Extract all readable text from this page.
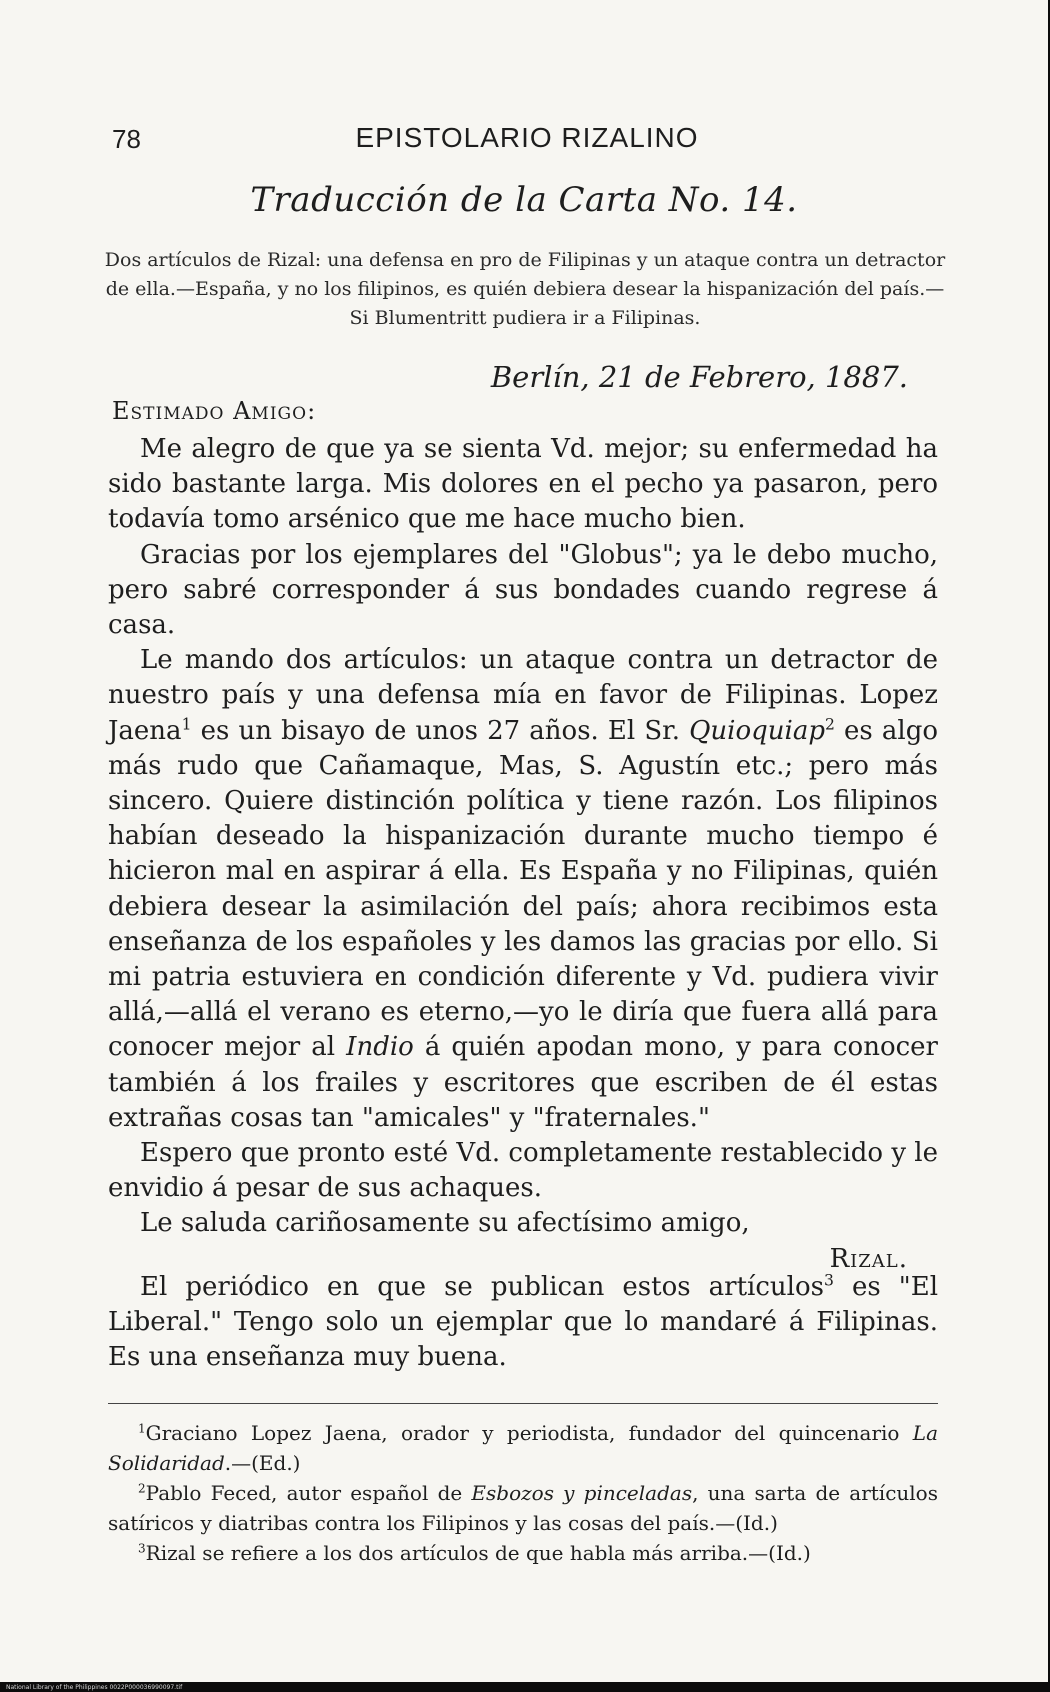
78	EPISTOLARIO RIZALINO
Traducción de la Carta No. 14.
Dos artículos de Rizal: una defensa en pro de Filipinas y un ataque contra un detractor de ella.—España, y no los filipinos, es quién debiera desear la hispanización del país.—Si Blumentritt pudiera ir a Filipinas.
Berlín, 21 de Febrero, 1887.
Estimado Amigo:

Me alegro de que ya se sienta Vd. mejor; su enfermedad ha sido bastante larga. Mis dolores en el pecho ya pasaron, pero todavía tomo arsénico que me hace mucho bien.

Gracias por los ejemplares del "Globus"; ya le debo mucho, pero sabré corresponder á sus bondades cuando regrese á casa.

Le mando dos artículos: un ataque contra un detractor de nuestro país y una defensa mía en favor de Filipinas. Lopez Jaena$^1$ es un bisayo de unos 27 años. El Sr. Quioquiap$^2$ es algo más rudo que Cañamaque, Mas, S. Agustín etc.; pero más sincero. Quiere distinción política y tiene razón. Los filipinos habían deseado la hispanización durante mucho tiempo é hicieron mal en aspirar á ella. Es España y no Filipinas, quién debiera desear la asimilación del país; ahora recibimos esta enseñanza de los españoles y les damos las gracias por ello. Si mi patria estuviera en condición diferente y Vd. pudiera vivir allá,—allá el verano es eterno,—yo le diría que fuera allá para conocer mejor al Indio á quién apodan mono, y para conocer también á los frailes y escritores que escriben de él estas extrañas cosas tan "amicales" y "fraternales."

Espero que pronto esté Vd. completamente restablecido y le envidio á pesar de sus achaques.

Le saluda cariñosamente su afectísimo amigo,

Rizal.

El periódico en que se publican estos artículos$^3$ es "El Liberal." Tengo solo un ejemplar que lo mandaré á Filipinas. Es una enseñanza muy buena.

$^1$Graciano Lopez Jaena, orador y periodista, fundador del quincenario La Solidaridad.—(Ed.)

$^2$Pablo Feced, autor español de Esbozos y pinceladas, una sarta de artículos satíricos y diatribas contra los Filipinos y las cosas del país.—(Id.)

$^3$Rizal se refiere a los dos artículos de que habla más arriba.—(Id.)

National Library of the Philippines 0022P000036990097.tif
